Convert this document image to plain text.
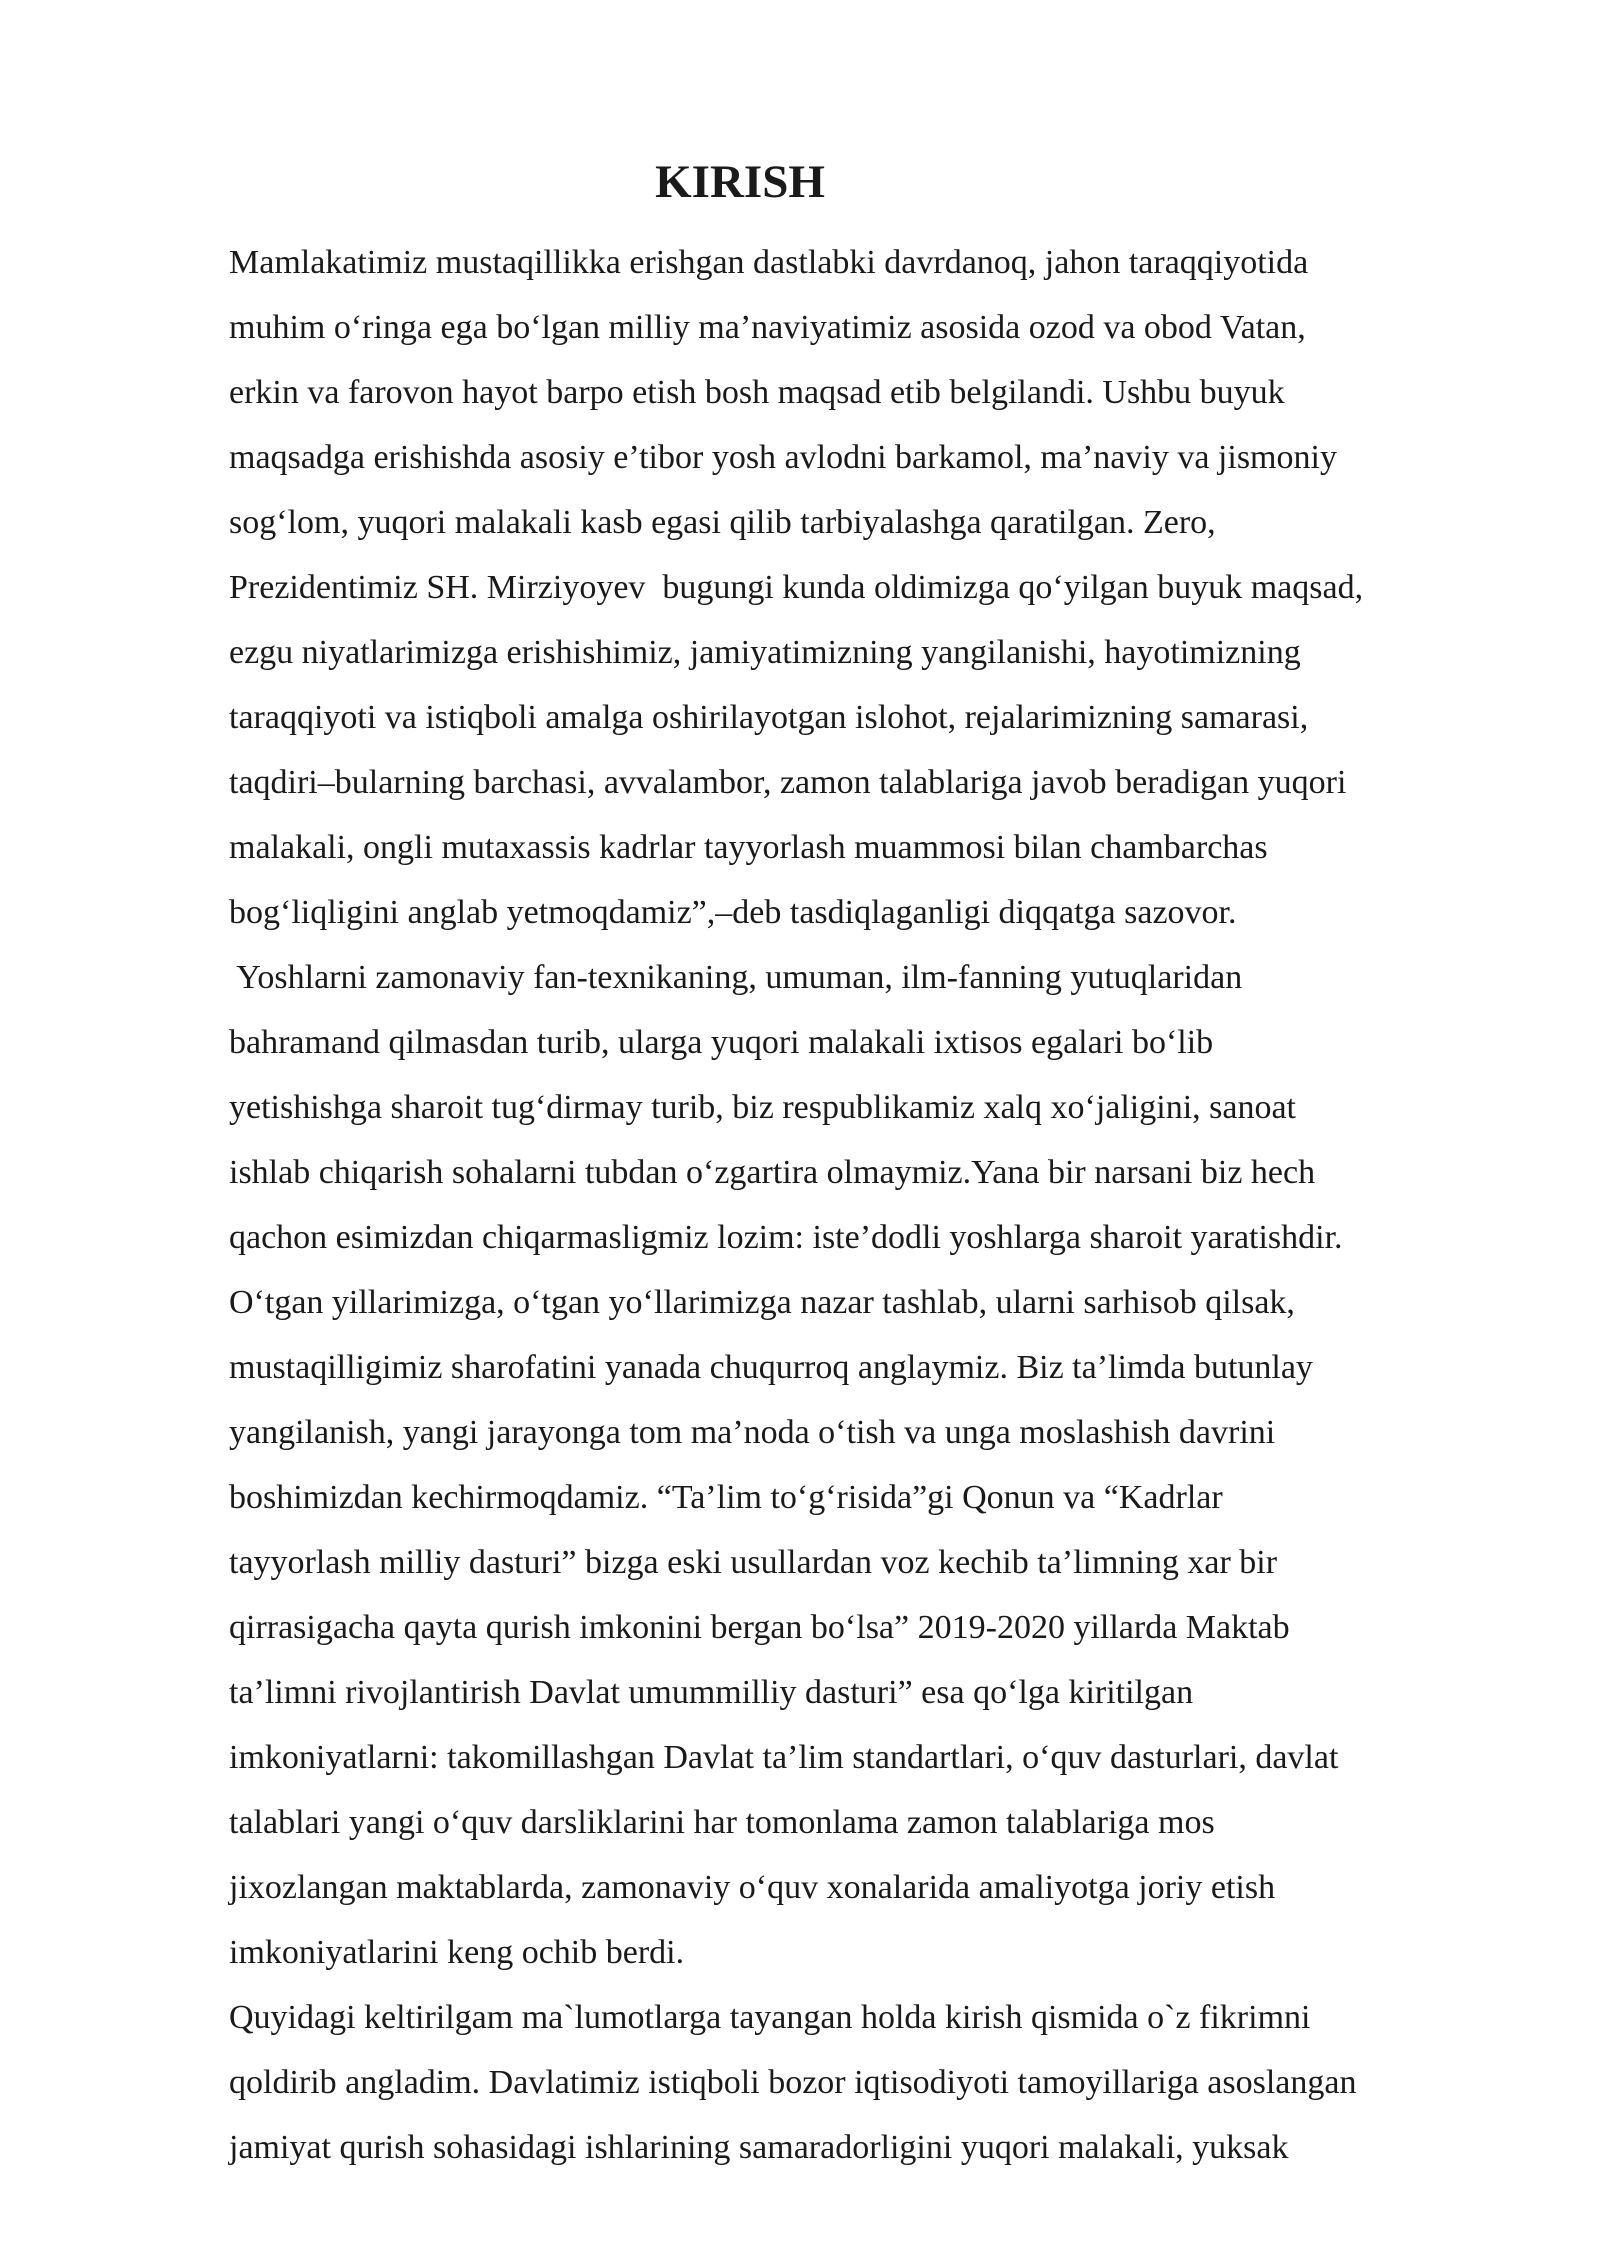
KIRISH
Mamlakatimiz mustaqillikka erishgan dastlabki davrdanoq, jahon taraqqiyotida
muhim o‘ringa ega bo‘lgan milliy ma’naviyatimiz asosida ozod va obod Vatan,
erkin va farovon hayot barpo etish bosh maqsad etib belgilandi. Ushbu buyuk
maqsadga erishishda asosiy e’tibor yosh avlodni barkamol, ma’naviy va jismoniy
sog‘lom, yuqori malakali kasb egasi qilib tarbiyalashga qaratilgan. Zero,
Prezidentimiz SH. Mirziyoyev  bugungi kunda oldimizga qo‘yilgan buyuk maqsad,
ezgu niyatlarimizga erishishimiz, jamiyatimizning yangilanishi, hayotimizning
taraqqiyoti va istiqboli amalga oshirilayotgan islohot, rejalarimizning samarasi,
taqdiri–bularning barchasi, avvalambor, zamon talablariga javob beradigan yuqori
malakali, ongli mutaxassis kadrlar tayyorlash muammosi bilan chambarchas
bog‘liqligini anglab yetmoqdamiz”,–deb tasdiqlaganligi diqqatga sazovor.
Yoshlarni zamonaviy fan-texnikaning, umuman, ilm-fanning yutuqlaridan
bahramand qilmasdan turib, ularga yuqori malakali ixtisos egalari bo‘lib
yetishishga sharoit tug‘dirmay turib, biz respublikamiz xalq xo‘jaligini, sanoat
ishlab chiqarish sohalarni tubdan o‘zgartira olmaymiz.Yana bir narsani biz hech
qachon esimizdan chiqarmasligmiz lozim: iste’dodli yoshlarga sharoit yaratishdir.
O‘tgan yillarimizga, o‘tgan yo‘llarimizga nazar tashlab, ularni sarhisob qilsak,
mustaqilligimiz sharofatini yanada chuqurroq anglaymiz. Biz ta’limda butunlay
yangilanish, yangi jarayonga tom ma’noda o‘tish va unga moslashish davrini
boshimizdan kechirmoqdamiz. “Ta’lim to‘g‘risida”gi Qonun va “Kadrlar
tayyorlash milliy dasturi” bizga eski usullardan voz kechib ta’limning xar bir
qirrasigacha qayta qurish imkonini bergan bo‘lsa” 2019-2020 yillarda Maktab
ta’limni rivojlantirish Davlat umummilliy dasturi” esa qo‘lga kiritilgan
imkoniyatlarni: takomillashgan Davlat ta’lim standartlari, o‘quv dasturlari, davlat
talablari yangi o‘quv darsliklarini har tomonlama zamon talablariga mos
jixozlangan maktablarda, zamonaviy o‘quv xonalarida amaliyotga joriy etish
imkoniyatlarini keng ochib berdi.
Quyidagi keltirilgam ma`lumotlarga tayangan holda kirish qismida o`z fikrimni
qoldirib angladim. Davlatimiz istiqboli bozor iqtisodiyoti tamoyillariga asoslangan
jamiyat qurish sohasidagi ishlarining samaradorligini yuqori malakali, yuksak
